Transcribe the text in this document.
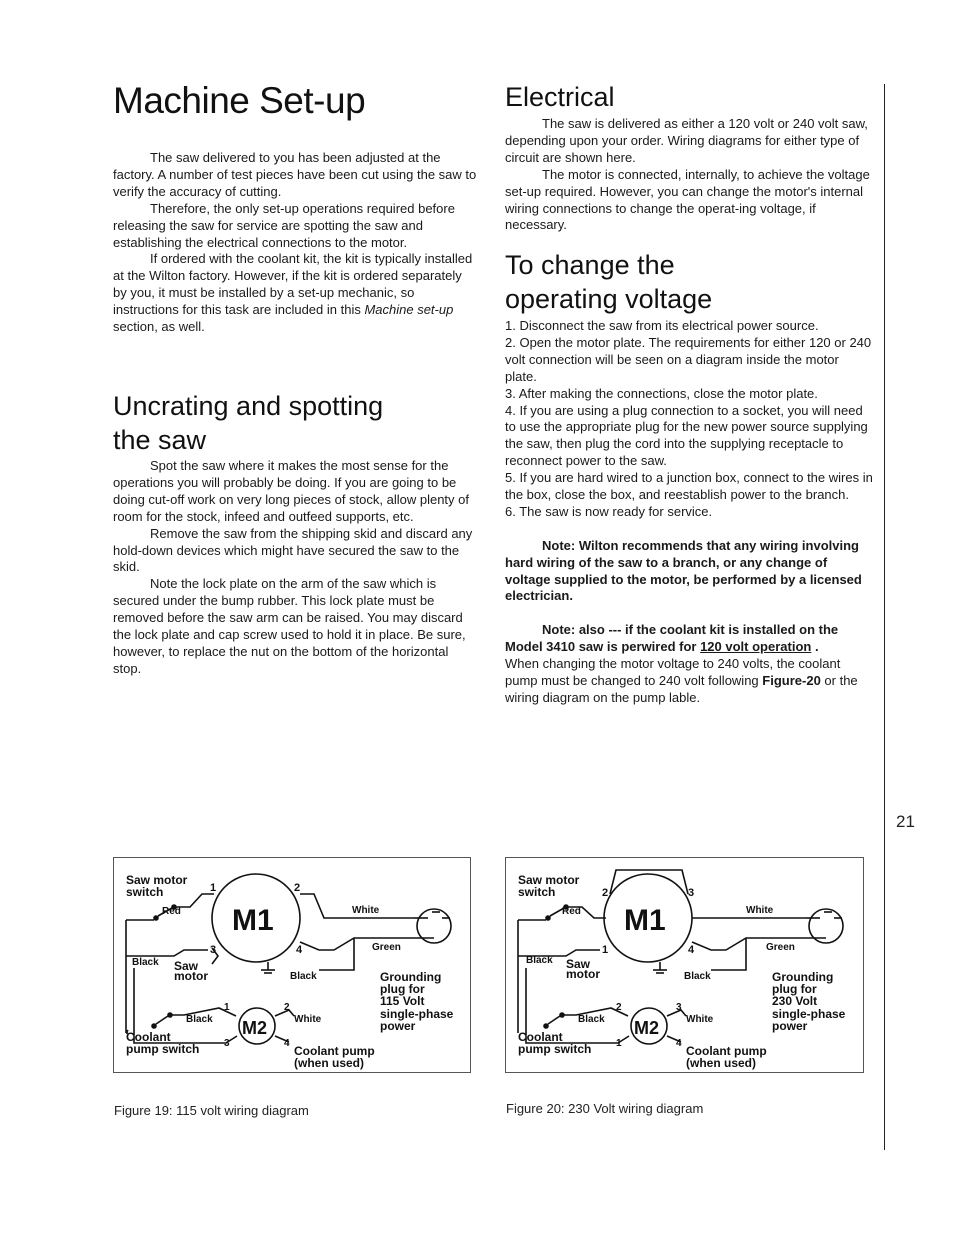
Machine Set-up

The saw delivered to you has been adjusted at the factory. A number of test pieces have been cut using the saw to verify the accuracy of cutting.

Therefore, the only set-up operations required before releasing the saw for service are spotting the saw and establishing the electrical connections to the motor.

If ordered with the coolant kit, the kit is typically installed at the Wilton factory. However, if the kit is ordered separately by you, it must be installed by a set-up mechanic, so instructions for this task are included in this Machine set-up section, as well.

Uncrating and spotting
the saw

Spot the saw where it makes the most sense for the operations you will probably be doing. If you are going to be doing cut-off work on very long pieces of stock, allow plenty of room for the stock, infeed and outfeed supports, etc.

Remove the saw from the shipping skid and discard any hold-down devices which might have secured the saw to the skid.

Note the lock plate on the arm of the saw which is secured under the bump rubber. This lock plate must be removed before the saw arm can be raised. You may discard the lock plate and cap screw used to hold it in place. Be sure, however, to replace the nut on the bottom of the horizontal stop.

Electrical

The saw is delivered as either a 120 volt or 240 volt saw, depending upon your order. Wiring diagrams for either type of circuit are shown here.

The motor is connected, internally, to achieve the voltage set-up required. However, you can change the motor's internal wiring connections to change the operat-ing voltage, if necessary.

To change the
operating voltage

1. Disconnect the saw from its electrical power source.

2. Open the motor plate. The requirements for either 120 or 240 volt connection will be seen on a diagram inside the motor plate.

3. After making the connections, close the motor plate.

4. If you are using a plug connection to a socket, you will need to use the appropriate plug for the new power source supplying the saw, then plug the cord into the supplying receptacle to reconnect power to the saw.

5. If you are hard wired to a junction box, connect to the wires in the box, close the box, and reestablish power to the branch.

6. The saw is now ready for service.

Note: Wilton recommends that any wiring involving hard wiring of the saw to a branch, or any change of voltage supplied to the motor, be performed by a licensed electrician.

Note: also --- if the coolant kit is installed on the Model 3410 saw is perwired for 120 volt operation .

When changing the motor voltage to 240 volts, the coolant pump must be changed to 240 volt following Figure-20 or the wiring diagram on the pump lable.

21
Saw motor
switch
M1
Red	White
Black
Green
Black
Saw
motor
1	2
3	4
Grounding
plug for
115 Volt
single-phase
power
Black	White
M2
1	2
3	4
Coolant
pump switch	Coolant pump
(when used)
Figure 19: 115 volt wiring diagram
Saw motor
switch
M1
Red	White
Black
Green
Black
Saw
motor
1
2	3
4
Grounding
plug for
230 Volt
single-phase
power
Black	White
M2
2	3
1	4
Coolant
pump switch	Coolant pump
(when used)
Figure 20: 230 Volt wiring diagram
